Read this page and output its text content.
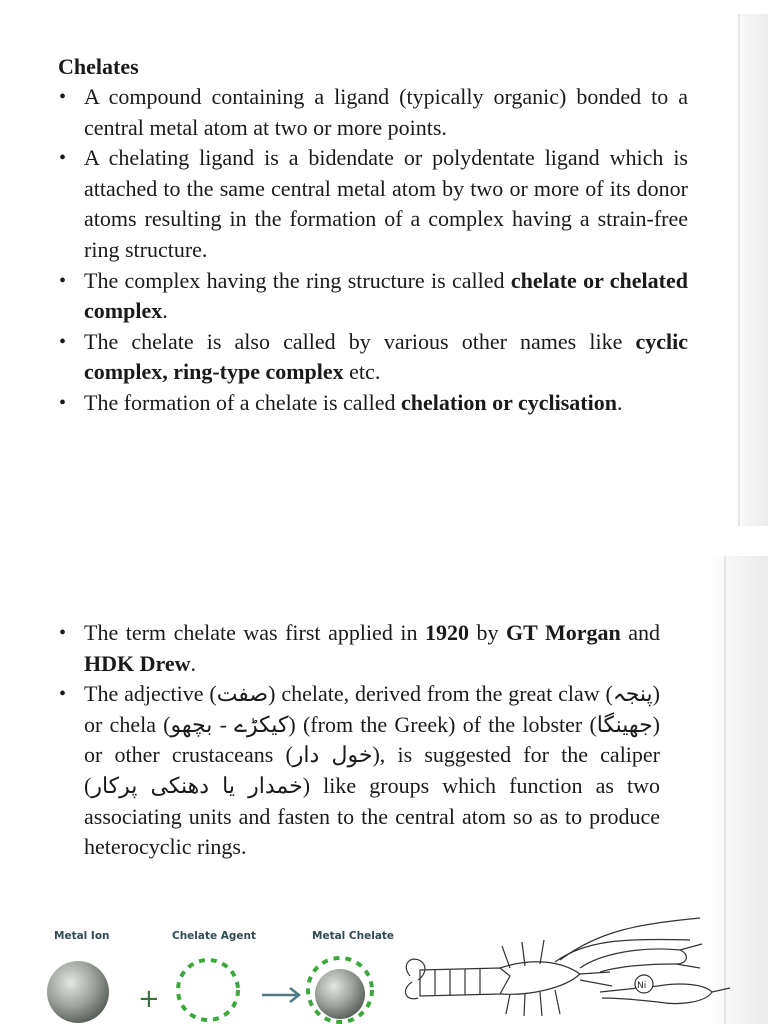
Chelates

• A compound containing a ligand (typically organic) bonded to a central metal atom at two or more points.
• A chelating ligand is a bidendate or polydentate ligand which is attached to the same central metal atom by two or more of its donor atoms resulting in the formation of a complex having a strain-free ring structure.
• The complex having the ring structure is called chelate or chelated complex.
• The chelate is also called by various other names like cyclic complex, ring-type complex etc.
• The formation of a chelate is called chelation or cyclisation.
• The term chelate was first applied in 1920 by GT Morgan and HDK Drew.
• The adjective (صفت) chelate, derived from the great claw (پنجہ) or chela (کیکڑے - بچھو) (from the Greek) of the lobster (جھینگا) or other crustaceans (خول دار), is suggested for the caliper (خمدار یا دھنکی پرکار) like groups which function as two associating units and fasten to the central atom so as to produce heterocyclic rings.
Metal Ion	Chelate Agent	Metal Chelate
+	Ni
